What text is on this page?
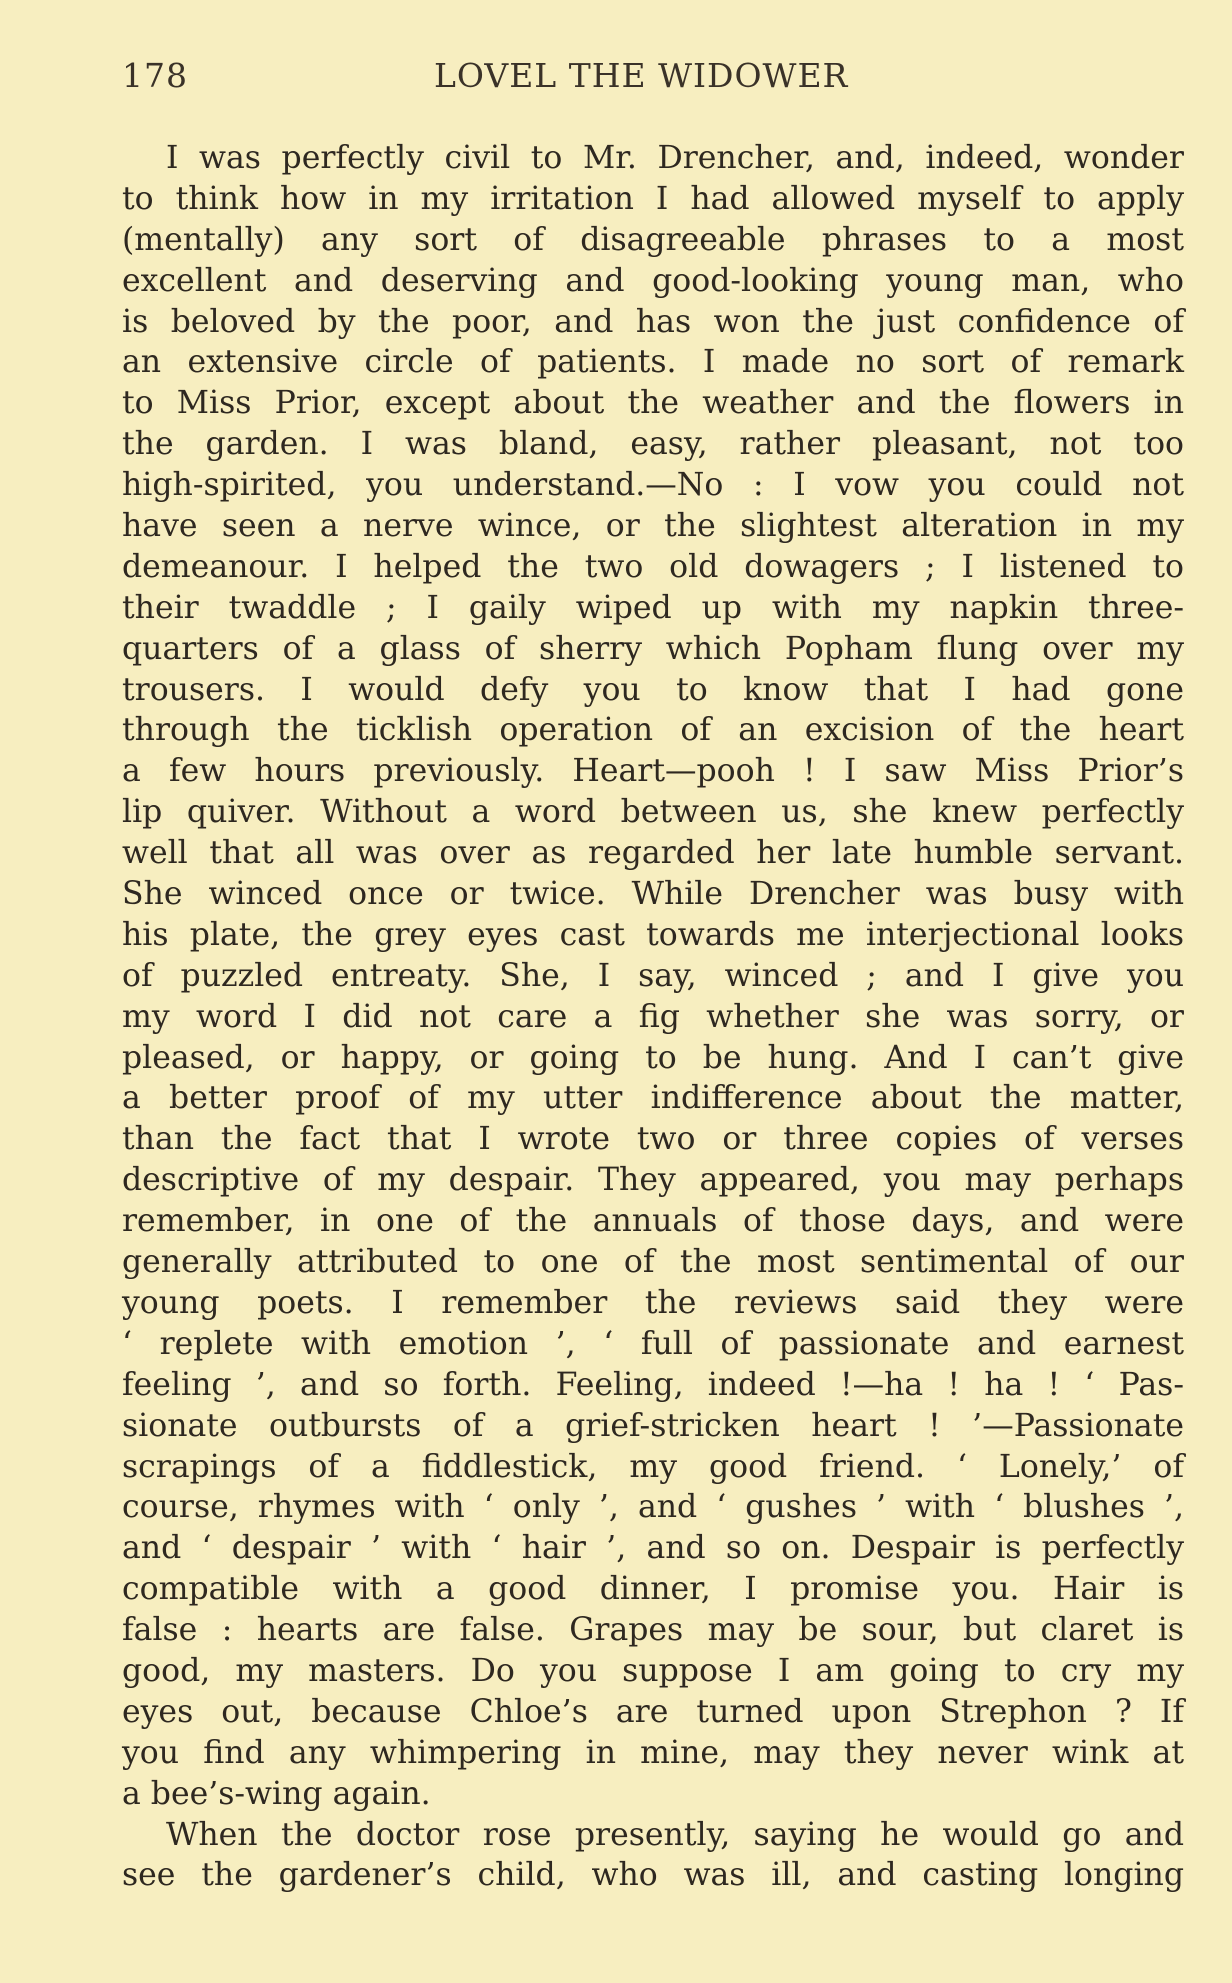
178	LOVEL THE WIDOWER
I was perfectly civil to Mr. Drencher, and, indeed, wonder
to think how in my irritation I had allowed myself to apply
(mentally) any sort of disagreeable phrases to a most
excellent and deserving and good-looking young man, who
is beloved by the poor, and has won the just confidence of
an extensive circle of patients. I made no sort of remark
to Miss Prior, except about the weather and the flowers in
the garden. I was bland, easy, rather pleasant, not too
high-spirited, you understand.—No : I vow you could not
have seen a nerve wince, or the slightest alteration in my
demeanour. I helped the two old dowagers ; I listened to
their twaddle ; I gaily wiped up with my napkin three-
quarters of a glass of sherry which Popham flung over my
trousers. I would defy you to know that I had gone
through the ticklish operation of an excision of the heart
a few hours previously. Heart—pooh ! I saw Miss Prior’s
lip quiver. Without a word between us, she knew perfectly
well that all was over as regarded her late humble servant.
She winced once or twice. While Drencher was busy with
his plate, the grey eyes cast towards me interjectional looks
of puzzled entreaty. She, I say, winced ; and I give you
my word I did not care a fig whether she was sorry, or
pleased, or happy, or going to be hung. And I can’t give
a better proof of my utter indifference about the matter,
than the fact that I wrote two or three copies of verses
descriptive of my despair. They appeared, you may perhaps
remember, in one of the annuals of those days, and were
generally attributed to one of the most sentimental of our
young poets. I remember the reviews said they were
‘ replete with emotion ’, ‘ full of passionate and earnest
feeling ’, and so forth. Feeling, indeed !—ha ! ha ! ‘ Pas-
sionate outbursts of a grief-stricken heart ! ’—Passionate
scrapings of a fiddlestick, my good friend. ‘ Lonely,’ of
course, rhymes with ‘ only ’, and ‘ gushes ’ with ‘ blushes ’,
and ‘ despair ’ with ‘ hair ’, and so on. Despair is perfectly
compatible with a good dinner, I promise you. Hair is
false : hearts are false. Grapes may be sour, but claret is
good, my masters. Do you suppose I am going to cry my
eyes out, because Chloe’s are turned upon Strephon ? If
you find any whimpering in mine, may they never wink at
a bee’s-wing again.
When the doctor rose presently, saying he would go and
see the gardener’s child, who was ill, and casting longing
